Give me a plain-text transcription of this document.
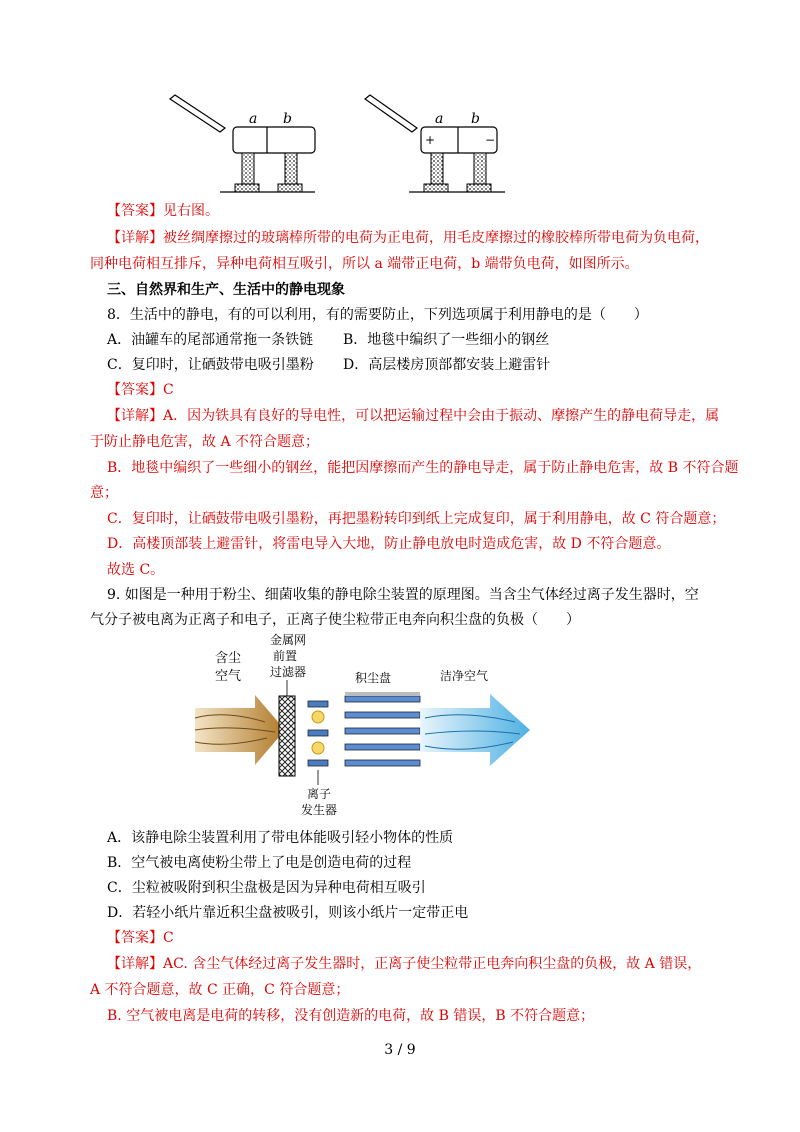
a b	a b
+	−
【答案】见右图。
【详解】被丝绸摩擦过的玻璃棒所带的电荷为正电荷，用毛皮摩擦过的橡胶棒所带电荷为负电荷，
同种电荷相互排斥，异种电荷相互吸引，所以 a 端带正电荷，b 端带负电荷，如图所示。
三、自然界和生产、生活中的静电现象
8．生活中的静电，有的可以利用，有的需要防止，下列选项属于利用静电的是（　　）
A．油罐车的尾部通常拖一条铁链 B．地毯中编织了一些细小的钢丝
C．复印时，让硒鼓带电吸引墨粉 D．高层楼房顶部都安装上避雷针
【答案】C
【详解】A．因为铁具有良好的导电性，可以把运输过程中会由于振动、摩擦产生的静电荷导走，属
于防止静电危害，故 A 不符合题意；
B．地毯中编织了一些细小的钢丝，能把因摩擦而产生的静电导走，属于防止静电危害，故 B 不符合题
意；
C．复印时，让硒鼓带电吸引墨粉，再把墨粉转印到纸上完成复印，属于利用静电，故 C 符合题意；
D．高楼顶部装上避雷针，将雷电导入大地，防止静电放电时造成危害，故 D 不符合题意。
故选 C。
9. 如图是一种用于粉尘、细菌收集的静电除尘装置的原理图。当含尘气体经过离子发生器时，空
气分子被电离为正离子和电子，正离子使尘粒带正电奔向积尘盘的负极（　　）
含尘
空气
金属网
前置
过滤器	积尘盘	洁净空气
离子
发生器
A．该静电除尘装置利用了带电体能吸引轻小物体的性质
B．空气被电离使粉尘带上了电是创造电荷的过程
C．尘粒被吸附到积尘盘极是因为异种电荷相互吸引
D．若轻小纸片靠近积尘盘被吸引，则该小纸片一定带正电
【答案】C
【详解】AC. 含尘气体经过离子发生器时，正离子使尘粒带正电奔向积尘盘的负极，故 A 错误，
A 不符合题意，故 C 正确，C 符合题意；
B. 空气被电离是电荷的转移，没有创造新的电荷，故 B 错误，B 不符合题意；
3 / 9
